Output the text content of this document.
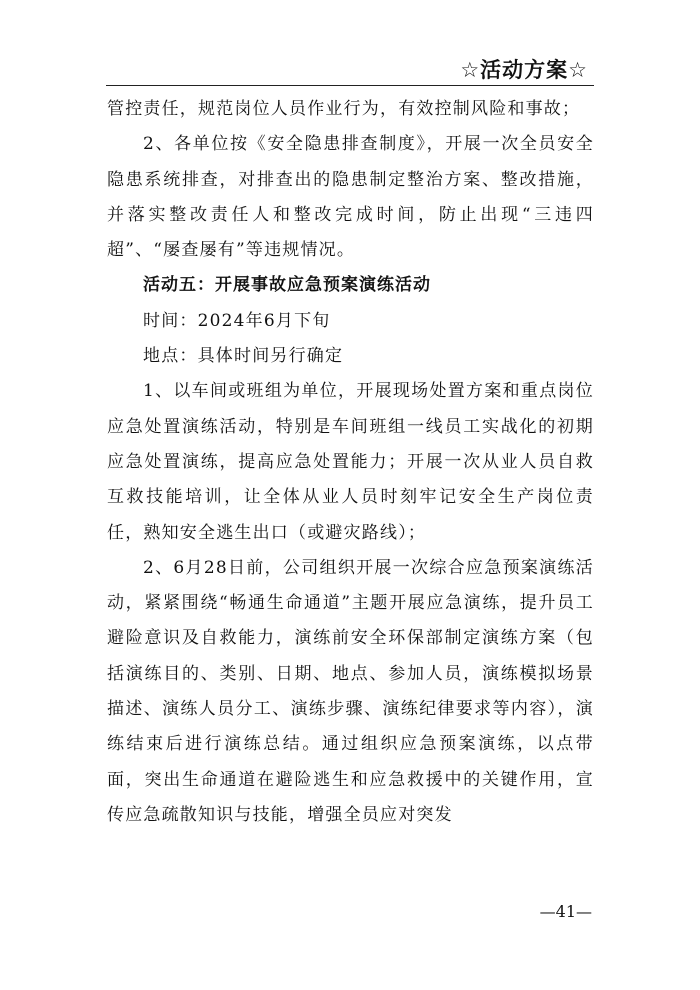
☆活动方案☆

管控责任，规范岗位人员作业行为，有效控制风险和事故；

2、各单位按《安全隐患排查制度》，开展一次全员安全隐患系统排查，对排查出的隐患制定整治方案、整改措施，并落实整改责任人和整改完成时间，防止出现“三违四超”、“屡查屡有”等违规情况。

活动五：开展事故应急预案演练活动

时间：2024年6月下旬

地点：具体时间另行确定

1、以车间或班组为单位，开展现场处置方案和重点岗位应急处置演练活动，特别是车间班组一线员工实战化的初期应急处置演练，提高应急处置能力；开展一次从业人员自救互救技能培训，让全体从业人员时刻牢记安全生产岗位责任，熟知安全逃生出口（或避灾路线）；

2、6月28日前，公司组织开展一次综合应急预案演练活动，紧紧围绕“畅通生命通道”主题开展应急演练，提升员工避险意识及自救能力，演练前安全环保部制定演练方案（包括演练目的、类别、日期、地点、参加人员，演练模拟场景描述、演练人员分工、演练步骤、演练纪律要求等内容），演练结束后进行演练总结。通过组织应急预案演练，以点带面，突出生命通道在避险逃生和应急救援中的关键作用，宣传应急疏散知识与技能，增强全员应对突发

—41—
